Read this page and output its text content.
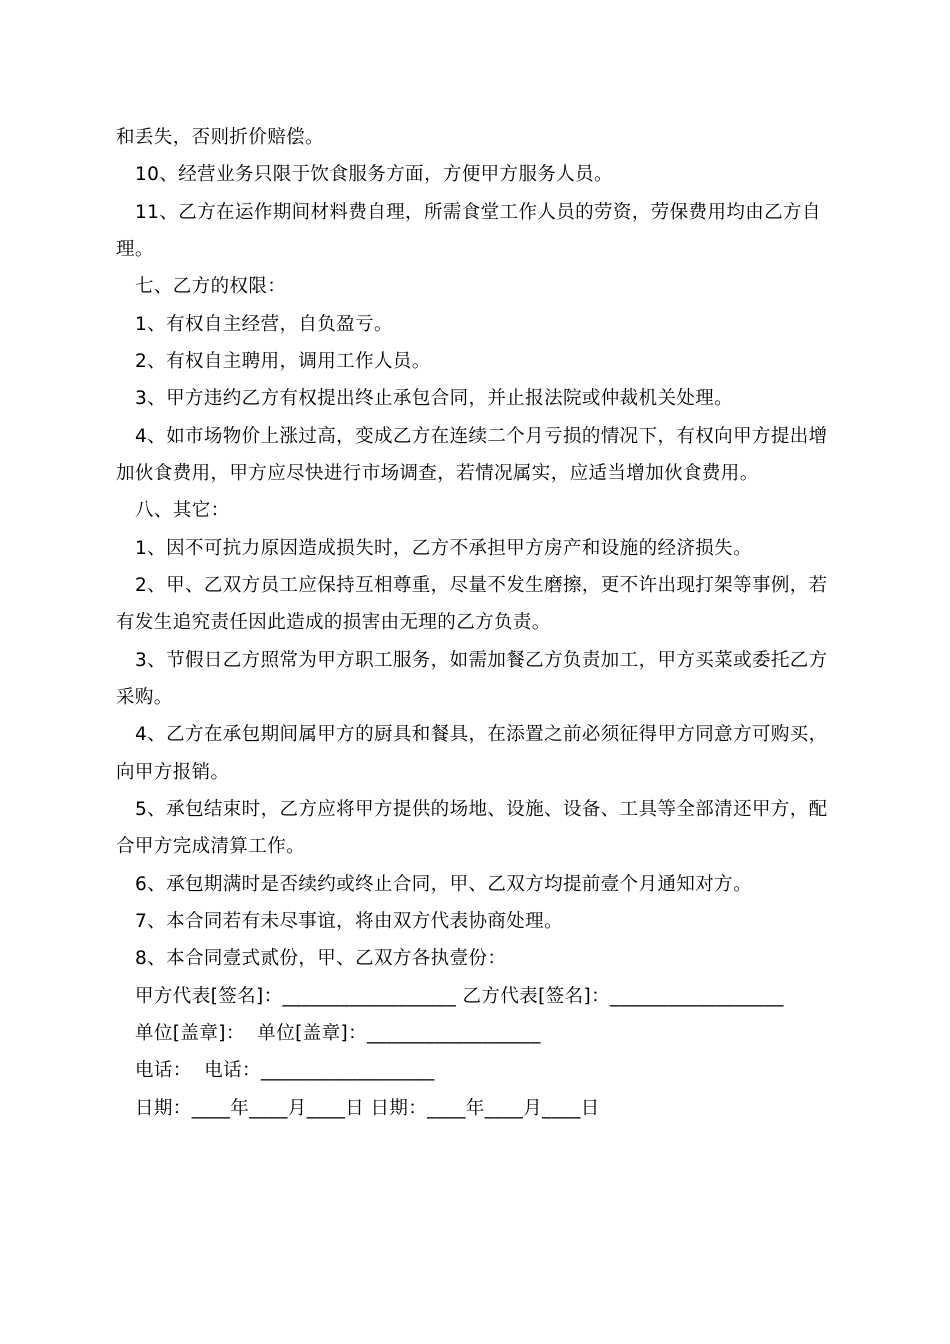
和丢失，否则折价赔偿。
10、经营业务只限于饮食服务方面，方便甲方服务人员。
11、乙方在运作期间材料费自理，所需食堂工作人员的劳资，劳保费用均由乙方自
理。
七、乙方的权限：
1、有权自主经营，自负盈亏。
2、有权自主聘用，调用工作人员。
3、甲方违约乙方有权提出终止承包合同，并止报法院或仲裁机关处理。
4、如市场物价上涨过高，变成乙方在连续二个月亏损的情况下，有权向甲方提出增
加伙食费用，甲方应尽快进行市场调查，若情况属实，应适当增加伙食费用。
八、其它：
1、因不可抗力原因造成损失时，乙方不承担甲方房产和设施的经济损失。
2、甲、乙双方员工应保持互相尊重，尽量不发生磨擦，更不许出现打架等事例，若
有发生追究责任因此造成的损害由无理的乙方负责。
3、节假日乙方照常为甲方职工服务，如需加餐乙方负责加工，甲方买菜或委托乙方
采购。
4、乙方在承包期间属甲方的厨具和餐具，在添置之前必须征得甲方同意方可购买，
向甲方报销。
5、承包结束时，乙方应将甲方提供的场地、设施、设备、工具等全部清还甲方，配
合甲方完成清算工作。
6、承包期满时是否续约或终止合同，甲、乙双方均提前壹个月通知对方。
7、本合同若有未尽事谊，将由双方代表协商处理。
8、本合同壹式贰份，甲、乙双方各执壹份：
甲方代表[签名]：__________________ 乙方代表[签名]：__________________
单位[盖章]：  单位[盖章]：__________________
电话：  电话：__________________
日期：____年____月____日 日期：____年____月____日
